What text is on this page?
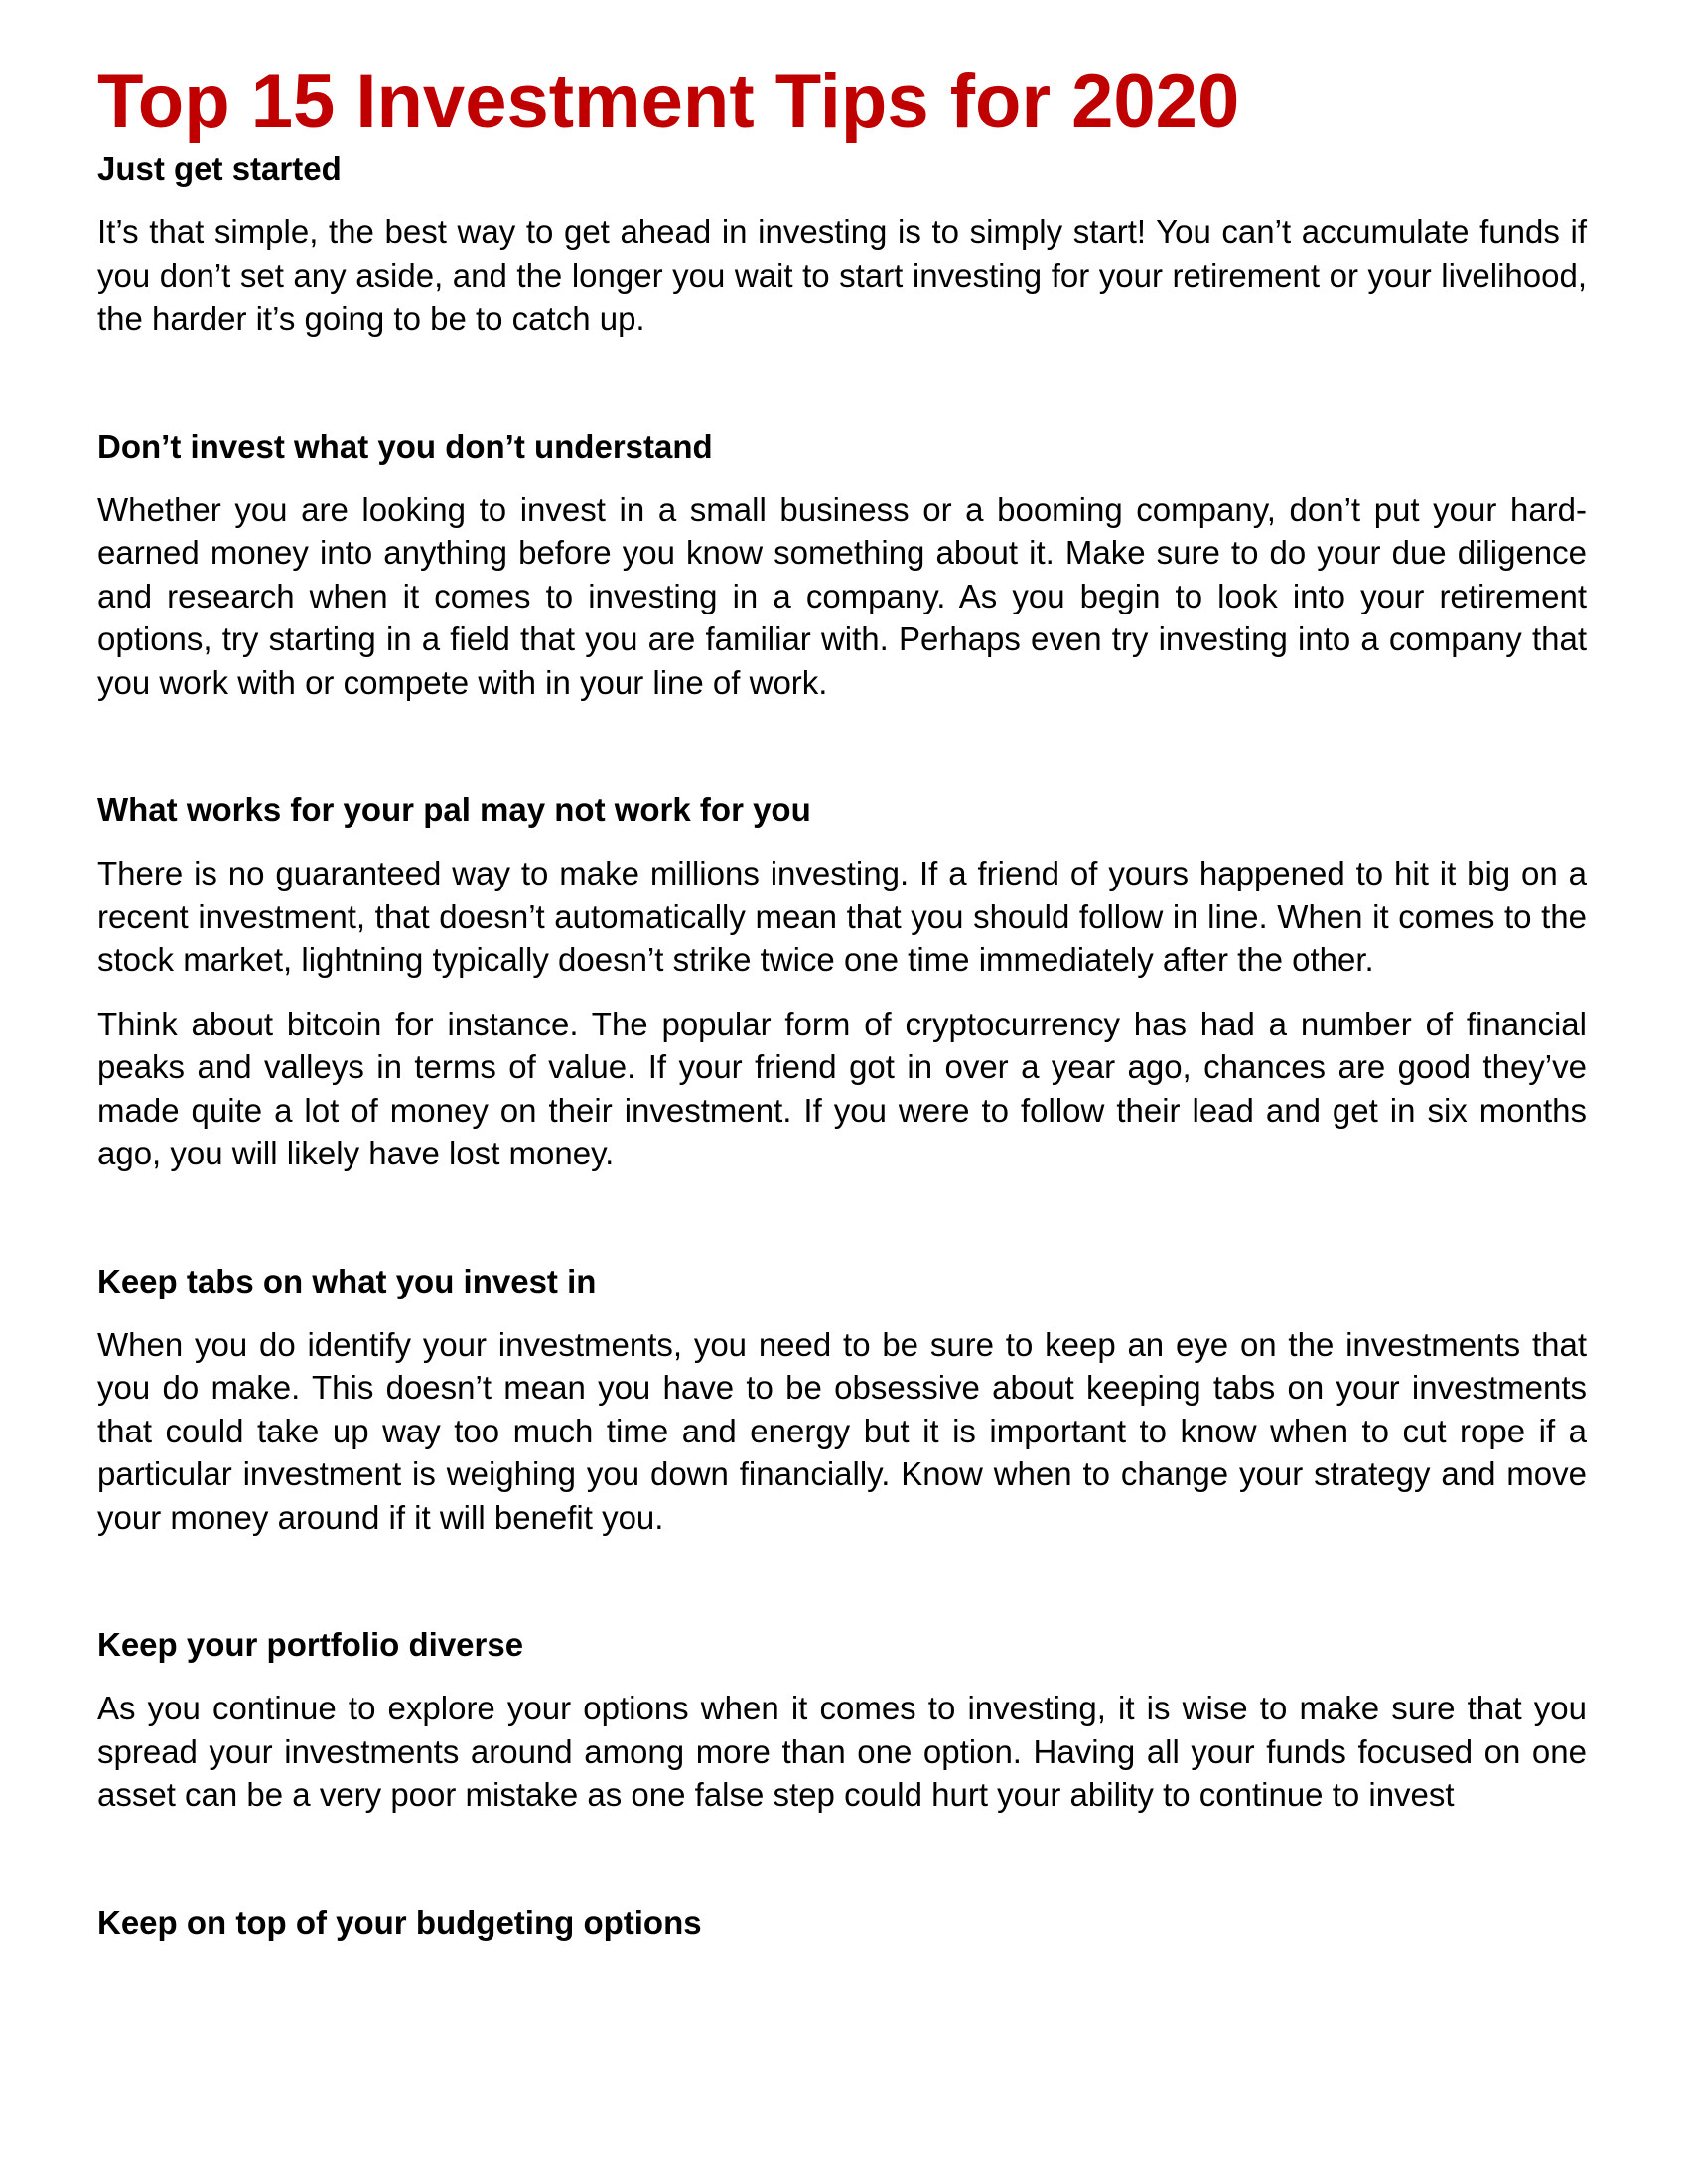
Top 15 Investment Tips for 2020
Just get started

It’s that simple, the best way to get ahead in investing is to simply start! You can’t accumulate funds if you don’t set any aside, and the longer you wait to start investing for your retirement or your livelihood, the harder it’s going to be to catch up.

Don’t invest what you don’t understand

Whether you are looking to invest in a small business or a booming company, don’t put your hard-earned money into anything before you know something about it. Make sure to do your due diligence and research when it comes to investing in a company. As you begin to look into your retirement options, try starting in a field that you are familiar with. Perhaps even try investing into a company that you work with or compete with in your line of work.

What works for your pal may not work for you

There is no guaranteed way to make millions investing. If a friend of yours happened to hit it big on a recent investment, that doesn’t automatically mean that you should follow in line. When it comes to the stock market, lightning typically doesn’t strike twice one time immediately after the other.

Think about bitcoin for instance. The popular form of cryptocurrency has had a number of financial peaks and valleys in terms of value. If your friend got in over a year ago, chances are good they’ve made quite a lot of money on their investment. If you were to follow their lead and get in six months ago, you will likely have lost money.

Keep tabs on what you invest in

When you do identify your investments, you need to be sure to keep an eye on the investments that you do make. This doesn’t mean you have to be obsessive about keeping tabs on your investments that could take up way too much time and energy but it is important to know when to cut rope if a particular investment is weighing you down financially. Know when to change your strategy and move your money around if it will benefit you.

Keep your portfolio diverse

As you continue to explore your options when it comes to investing, it is wise to make sure that you spread your investments around among more than one option. Having all your funds focused on one asset can be a very poor mistake as one false step could hurt your ability to continue to invest

Keep on top of your budgeting options
